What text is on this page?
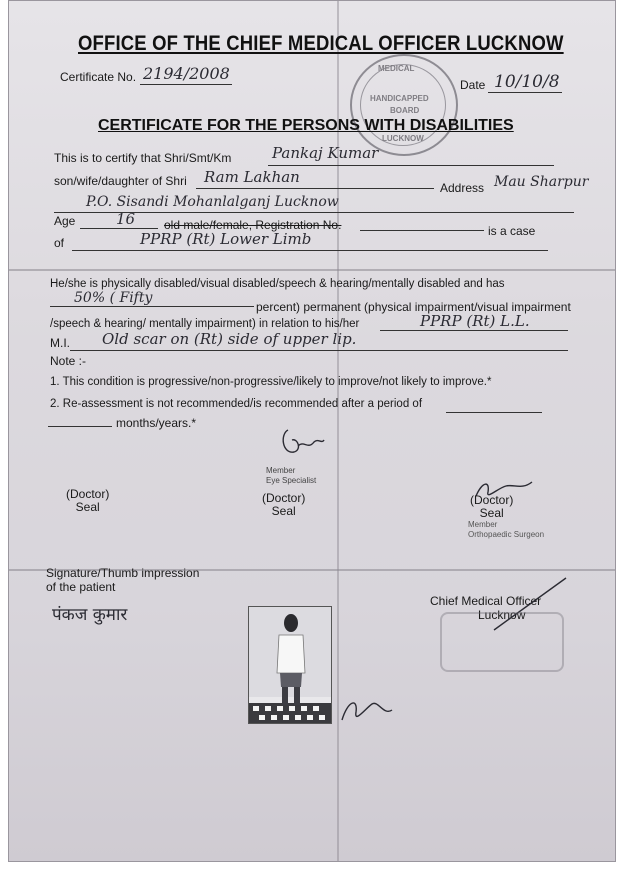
OFFICE OF THE CHIEF MEDICAL OFFICER LUCKNOW
Certificate No. 2194/2008
Date 10/10/8
MEDICAL
HANDICAPPED
BOARD
LUCKNOW
CERTIFICATE FOR THE PERSONS WITH DISABILITIES
This is to certify that Shri/Smt/Km	Pankaj Kumar
son/wife/daughter of Shri Ram Lakhan
Address Mau Sharpur
P.O. Sisandi Mohanlalganj Lucknow
Age	16 old male/female, Registration No.	is a case
of	PPRP (Rt) Lower Limb
He/she is physically disabled/visual disabled/speech & hearing/mentally disabled and has
50% ( Fifty
percent) permanent (physical impairment/visual impairment
/speech & hearing/ mentally impairment) in relation to his/her	PPRP (Rt) L.L.
M.I. Old scar on (Rt) side of upper lip.
Note :-
1. This condition is progressive/non-progressive/likely to improve/not likely to improve.*
2. Re-assessment is not recommended/is recommended after a period of
months/years.*
Member
Eye Specialist
(Doctor)
Seal
(Doctor)
Seal
(Doctor)
Seal
Member
Orthopaedic Surgeon
Signature/Thumb impression
of the patient
पंकज कुमार
Chief Medical Officer
Lucknow
